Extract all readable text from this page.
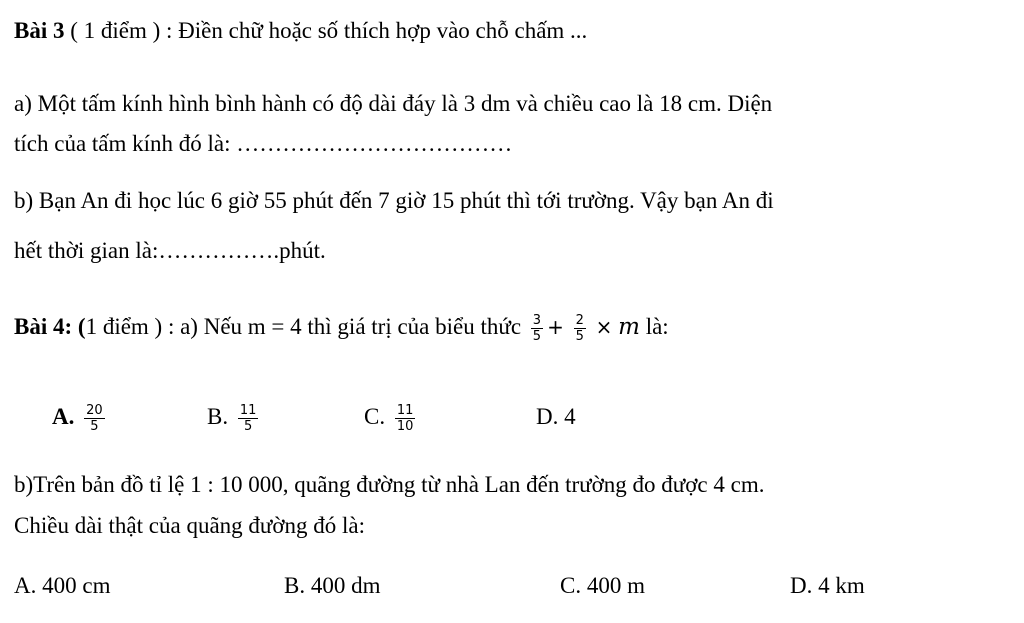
Bài 3 ( 1 điểm ) : Điền chữ hoặc số thích hợp vào chỗ chấm ...
a) Một tấm kính hình bình hành có độ dài đáy là 3 dm và chiều cao là 18 cm. Diện
tích của tấm kính đó là: ………………………………
b) Bạn An đi học lúc 6 giờ 55 phút đến 7 giờ 15 phút thì tới trường. Vậy bạn An đi
hết thời gian là:…………….phút.
Bài 4: (1 điểm ) : a) Nếu m = 4 thì giá trị của biểu thức $\frac{3}{5} + \frac{2}{5} \times m$ là:
A. $\frac{20}{5}$	B. $\frac{11}{5}$	C. $\frac{11}{10}$	D. 4
b)Trên bản đồ tỉ lệ 1 : 10 000, quãng đường từ nhà Lan đến trường đo được 4 cm.
Chiều dài thật của quãng đường đó là:
A. 400 cm	B. 400 dm	C. 400 m	D. 4 km
